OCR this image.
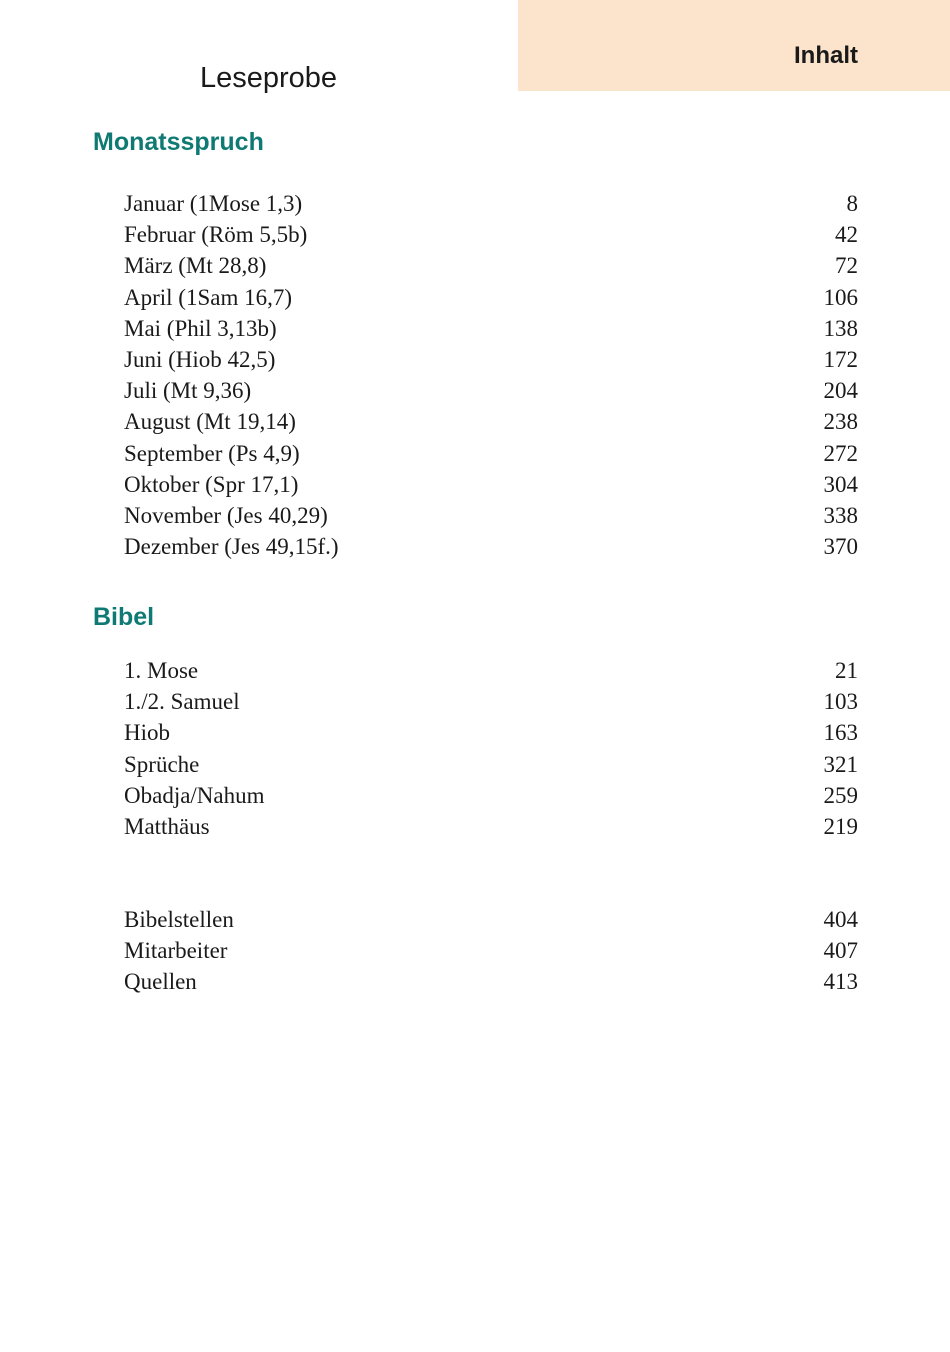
Inhalt
Leseprobe
Monatsspruch
Januar (1Mose 1,3)	8
Februar (Röm 5,5b)	42
März (Mt 28,8)	72
April (1Sam 16,7)	106
Mai (Phil 3,13b)	138
Juni (Hiob 42,5)	172
Juli (Mt 9,36)	204
August (Mt 19,14)	238
September (Ps 4,9)	272
Oktober (Spr 17,1)	304
November (Jes 40,29)	338
Dezember (Jes 49,15f.)	370
Bibel
1. Mose	21
1./2. Samuel	103
Hiob	163
Sprüche	321
Obadja/Nahum	259
Matthäus	219
Bibelstellen	404
Mitarbeiter	407
Quellen	413
